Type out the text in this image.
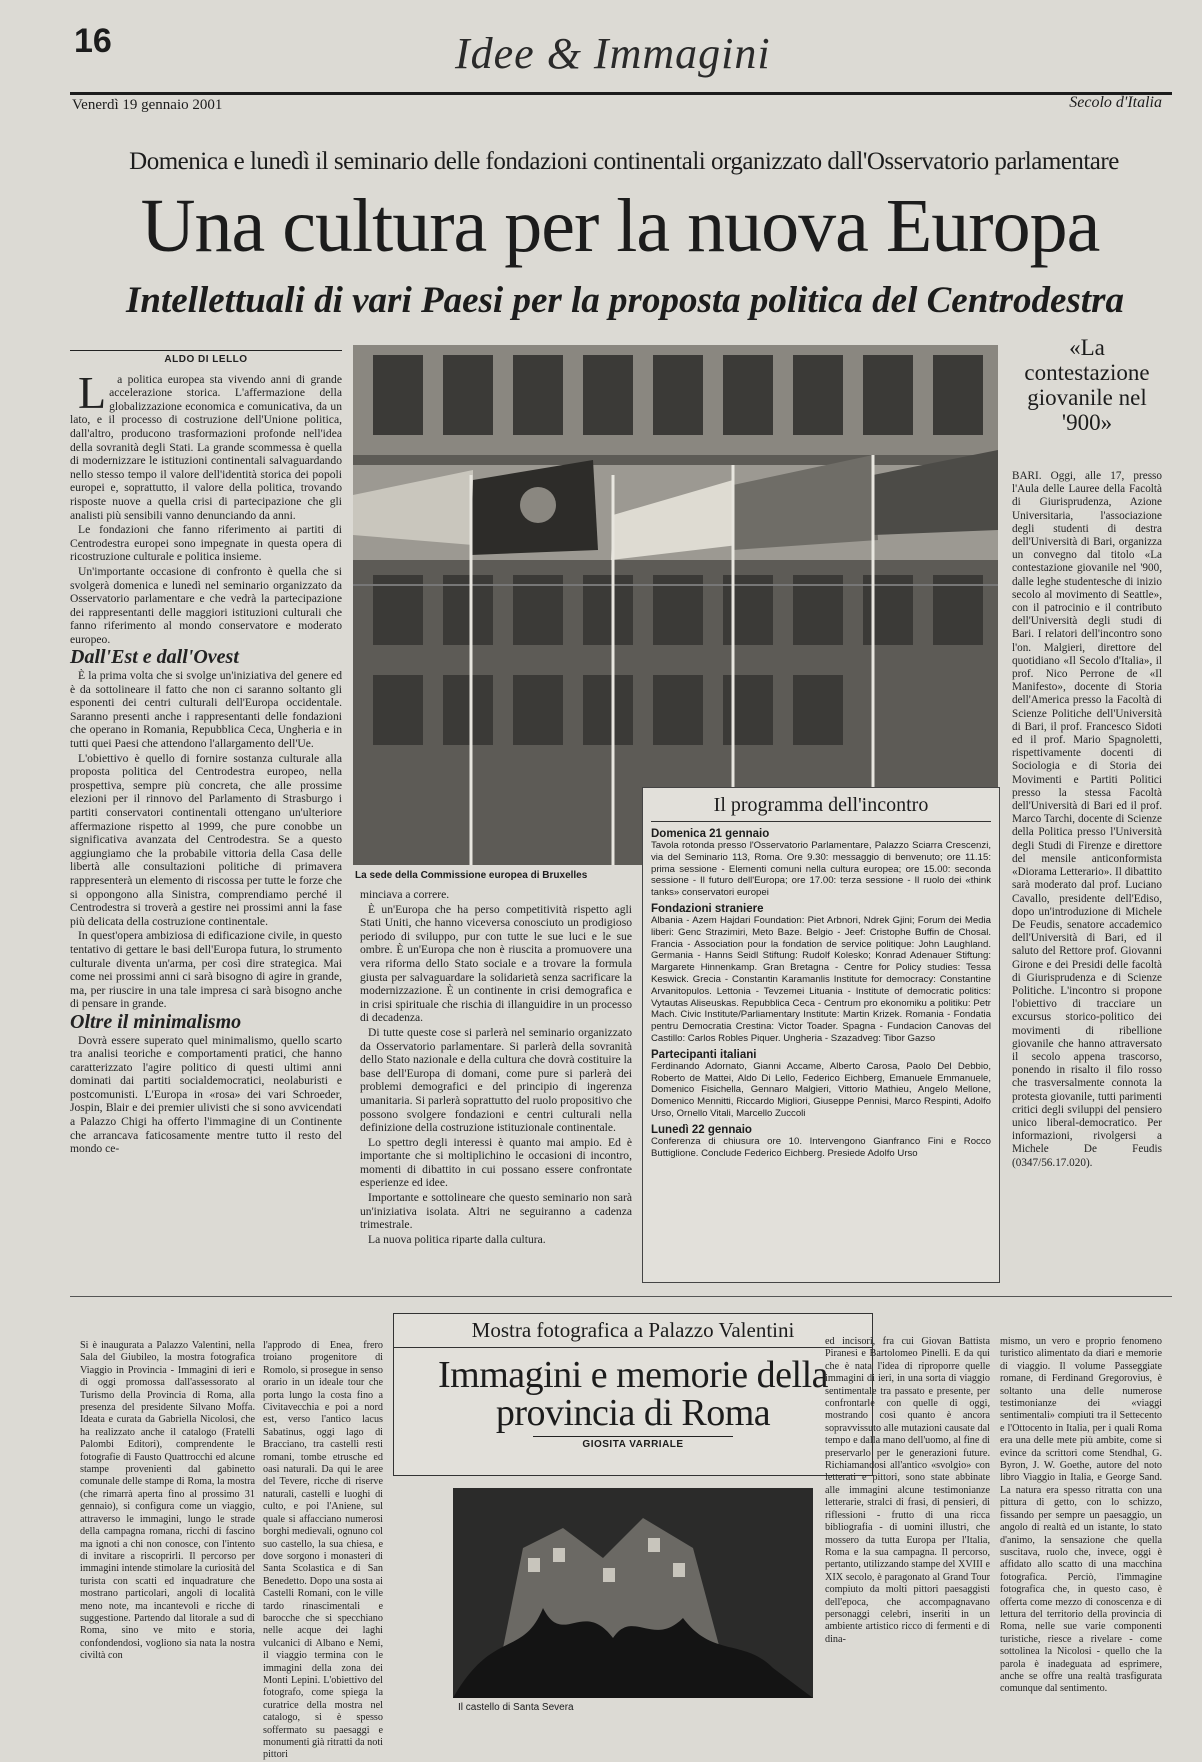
16	Idee & Immagini
Venerdì 19 gennaio 2001	Secolo d'Italia
Domenica e lunedì il seminario delle fondazioni continentali organizzato dall'Osservatorio parlamentare
Una cultura per la nuova Europa
Intellettuali di vari Paesi per la proposta politica del Centrodestra
ALDO DI LELLO

La politica europea sta vivendo anni di grande accelerazione storica. L'affermazione della globalizzazione economica e comunicativa, da un lato, e il processo di costruzione dell'Unione politica, dall'altro, producono trasformazioni profonde nell'idea della sovranità degli Stati. La grande scommessa è quella di modernizzare le istituzioni continentali salvaguardando nello stesso tempo il valore dell'identità storica dei popoli europei e, soprattutto, il valore della politica, trovando risposte nuove a quella crisi di partecipazione che gli analisti più sensibili vanno denunciando da anni.

Le fondazioni che fanno riferimento ai partiti di Centrodestra europei sono impegnate in questa opera di ricostruzione culturale e politica insieme.

Un'importante occasione di confronto è quella che si svolgerà domenica e lunedì nel seminario organizzato da Osservatorio parlamentare e che vedrà la partecipazione dei rappresentanti delle maggiori istituzioni culturali che fanno riferimento al mondo conservatore e moderato europeo.

Dall'Est e dall'Ovest

È la prima volta che si svolge un'iniziativa del genere ed è da sottolineare il fatto che non ci saranno soltanto gli esponenti dei centri culturali dell'Europa occidentale. Saranno presenti anche i rappresentanti delle fondazioni che operano in Romania, Repubblica Ceca, Ungheria e in tutti quei Paesi che attendono l'allargamento dell'Ue.

L'obiettivo è quello di fornire sostanza culturale alla proposta politica del Centrodestra europeo, nella prospettiva, sempre più concreta, che alle prossime elezioni per il rinnovo del Parlamento di Strasburgo i partiti conservatori continentali ottengano un'ulteriore affermazione rispetto al 1999, che pure conobbe un significativa avanzata del Centrodestra. Se a questo aggiungiamo che la probabile vittoria della Casa delle libertà alle consultazioni politiche di primavera rappresenterà un elemento di riscossa per tutte le forze che si oppongono alla Sinistra, comprendiamo perché il Centrodestra si troverà a gestire nei prossimi anni la fase più delicata della costruzione continentale.

In quest'opera ambiziosa di edificazione civile, in questo tentativo di gettare le basi dell'Europa futura, lo strumento culturale diventa un'arma, per così dire strategica. Mai come nei prossimi anni ci sarà bisogno di agire in grande, ma, per riuscire in una tale impresa ci sarà bisogno anche di pensare in grande.

Oltre il minimalismo

Dovrà essere superato quel minimalismo, quello scarto tra analisi teoriche e comportamenti pratici, che hanno caratterizzato l'agire politico di questi ultimi anni dominati dai partiti socialdemocratici, neolaburisti e postcomunisti. L'Europa in «rosa» dei vari Schroeder, Jospin, Blair e dei premier ulivisti che si sono avvicendati a Palazzo Chigi ha offerto l'immagine di un Continente che arrancava faticosamente mentre tutto il resto del mondo ce-

La sede della Commissione europea di Bruxelles

minciava a correre.

È un'Europa che ha perso competitività rispetto agli Stati Uniti, che hanno viceversa conosciuto un prodigioso periodo di sviluppo, pur con tutte le sue luci e le sue ombre. È un'Europa che non è riuscita a promuovere una vera riforma dello Stato sociale e a trovare la formula giusta per salvaguardare la solidarietà senza sacrificare la modernizzazione. È un continente in crisi demografica e in crisi spirituale che rischia di illanguidire in un processo di decadenza.

Di tutte queste cose si parlerà nel seminario organizzato da Osservatorio parlamentare. Si parlerà della sovranità dello Stato nazionale e della cultura che dovrà costituire la base dell'Europa di domani, come pure si parlerà dei problemi demografici e del principio di ingerenza umanitaria. Si parlerà soprattutto del ruolo propositivo che possono svolgere fondazioni e centri culturali nella definizione della costruzione istituzionale continentale.

Lo spettro degli interessi è quanto mai ampio. Ed è importante che si moltiplichino le occasioni di incontro, momenti di dibattito in cui possano essere confrontate esperienze ed idee.

Importante e sottolineare che questo seminario non sarà un'iniziativa isolata. Altri ne seguiranno a cadenza trimestrale.

La nuova politica riparte dalla cultura.

Il programma dell'incontro
Domenica 21 gennaio
Tavola rotonda presso l'Osservatorio Parlamentare, Palazzo Sciarra Crescenzi, via del Seminario 113, Roma. Ore 9.30: messaggio di benvenuto; ore 11.15: prima sessione - Elementi comuni nella cultura europea; ore 15.00: seconda sessione - Il futuro dell'Europa; ore 17.00: terza sessione - Il ruolo dei «think tanks» conservatori europei
Fondazioni straniere
Albania - Azem Hajdari Foundation: Piet Arbnori, Ndrek Gjini; Forum dei Media liberi: Genc Strazimiri, Meto Baze. Belgio - Jeef: Cristophe Buffin de Chosal. Francia - Association pour la fondation de service politique: John Laughland. Germania - Hanns Seidl Stiftung: Rudolf Kolesko; Konrad Adenauer Stiftung: Margarete Hinnenkamp. Gran Bretagna - Centre for Policy studies: Tessa Keswick. Grecia - Constantin Karamanlis Institute for democracy: Constantine Arvanitopulos. Lettonia - Tevzemei Lituania - Institute of democratic politics: Vytautas Aliseuskas. Repubblica Ceca - Centrum pro ekonomiku a politiku: Petr Mach. Civic Institute/Parliamentary Institute: Martin Krizek. Romania - Fondatia pentru Democratia Crestina: Victor Toader. Spagna - Fundacion Canovas del Castillo: Carlos Robles Piquer. Ungheria - Szazadveg: Tibor Gazso
Partecipanti italiani
Ferdinando Adornato, Gianni Accame, Alberto Carosa, Paolo Del Debbio, Roberto de Mattei, Aldo Di Lello, Federico Eichberg, Emanuele Emmanuele, Domenico Fisichella, Gennaro Malgieri, Vittorio Mathieu, Angelo Mellone, Domenico Mennitti, Riccardo Migliori, Giuseppe Pennisi, Marco Respinti, Adolfo Urso, Ornello Vitali, Marcello Zuccoli
Lunedì 22 gennaio
Conferenza di chiusura ore 10. Intervengono Gianfranco Fini e Rocco Buttiglione. Conclude Federico Eichberg. Presiede Adolfo Urso
«La contestazione giovanile nel '900»
BARI. Oggi, alle 17, presso l'Aula delle Lauree della Facoltà di Giurisprudenza, Azione Universitaria, l'associazione degli studenti di destra dell'Università di Bari, organizza un convegno dal titolo «La contestazione giovanile nel '900, dalle leghe studentesche di inizio secolo al movimento di Seattle», con il patrocinio e il contributo dell'Università degli studi di Bari. I relatori dell'incontro sono l'on. Malgieri, direttore del quotidiano «Il Secolo d'Italia», il prof. Nico Perrone de «Il Manifesto», docente di Storia dell'America presso la Facoltà di Scienze Politiche dell'Università di Bari, il prof. Francesco Sidoti ed il prof. Mario Spagnoletti, rispettivamente docenti di Sociologia e di Storia dei Movimenti e Partiti Politici presso la stessa Facoltà dell'Università di Bari ed il prof. Marco Tarchi, docente di Scienze della Politica presso l'Università degli Studi di Firenze e direttore del mensile anticonformista «Diorama Letterario». Il dibattito sarà moderato dal prof. Luciano Cavallo, presidente dell'Ediso, dopo un'introduzione di Michele De Feudis, senatore accademico dell'Università di Bari, ed il saluto del Rettore prof. Giovanni Girone e dei Presidi delle facoltà di Giurisprudenza e di Scienze Politiche. L'incontro si propone l'obiettivo di tracciare un excursus storico-politico dei movimenti di ribellione giovanile che hanno attraversato il secolo appena trascorso, ponendo in risalto il filo rosso che trasversalmente connota la protesta giovanile, tutti parimenti critici degli sviluppi del pensiero unico liberal-democratico. Per informazioni, rivolgersi a Michele De Feudis (0347/56.17.020).
Si è inaugurata a Palazzo Valentini, nella Sala del Giubileo, la mostra fotografica Viaggio in Provincia - Immagini di ieri e di oggi promossa dall'assessorato al Turismo della Provincia di Roma, alla presenza del presidente Silvano Moffa. Ideata e curata da Gabriella Nicolosi, che ha realizzato anche il catalogo (Fratelli Palombi Editori), comprendente le fotografie di Fausto Quattrocchi ed alcune stampe provenienti dal gabinetto comunale delle stampe di Roma, la mostra (che rimarrà aperta fino al prossimo 31 gennaio), si configura come un viaggio, attraverso le immagini, lungo le strade della campagna romana, ricchi di fascino ma ignoti a chi non conosce, con l'intento di invitare a riscoprirli. Il percorso per immagini intende stimolare la curiosità del turista con scatti ed inquadrature che mostrano particolari, angoli di località meno note, ma incantevoli e ricche di suggestione. Partendo dal litorale a sud di Roma, sino ve mito e storia, confondendosi, vogliono sia nata la nostra civiltà con
l'approdo di Enea, frero troiano progenitore di Romolo, si prosegue in senso orario in un ideale tour che porta lungo la costa fino a Civitavecchia e poi a nord est, verso l'antico lacus Sabatinus, oggi lago di Bracciano, tra castelli resti romani, tombe etrusche ed oasi naturali. Da qui le aree del Tevere, ricche di riserve naturali, castelli e luoghi di culto, e poi l'Aniene, sul quale si affacciano numerosi borghi medievali, ognuno col suo castello, la sua chiesa, e dove sorgono i monasteri di Santa Scolastica e di San Benedetto. Dopo una sosta ai Castelli Romani, con le ville tardo rinascimentali e barocche che si specchiano nelle acque dei laghi vulcanici di Albano e Nemi, il viaggio termina con le immagini della zona dei Monti Lepini. L'obiettivo del fotografo, come spiega la curatrice della mostra nel catalogo, si è spesso soffermato su paesaggi e monumenti già ritratti da noti pittori
Mostra fotografica a Palazzo Valentini
Immagini e memorie della provincia di Roma
GIOSITA VARRIALE
Il castello di Santa Severa
ed incisori, fra cui Giovan Battista Piranesi e Bartolomeo Pinelli. E da qui che è nata l'idea di riproporre quelle immagini di ieri, in una sorta di viaggio sentimentale tra passato e presente, per confrontarle con quelle di oggi, mostrando così quanto è ancora sopravvissuto alle mutazioni causate dal tempo e dalla mano dell'uomo, al fine di preservarlo per le generazioni future. Richiamandosi all'antico «svolgio» con letterati e pittori, sono state abbinate alle immagini alcune testimonianze letterarie, stralci di frasi, di pensieri, di riflessioni - frutto di una ricca bibliografia - di uomini illustri, che mossero da tutta Europa per l'Italia, Roma e la sua campagna. Il percorso, pertanto, utilizzando stampe del XVIII e XIX secolo, è paragonato al Grand Tour compiuto da molti pittori paesaggisti dell'epoca, che accompagnavano personaggi celebri, inseriti in un ambiente artistico ricco di fermenti e di dina-
mismo, un vero e proprio fenomeno turistico alimentato da diari e memorie di viaggio. Il volume Passeggiate romane, di Ferdinand Gregorovius, è soltanto una delle numerose testimonianze dei «viaggi sentimentali» compiuti tra il Settecento e l'Ottocento in Italia, per i quali Roma era una delle mete più ambite, come si evince da scrittori come Stendhal, G. Byron, J. W. Goethe, autore del noto libro Viaggio in Italia, e George Sand. La natura era spesso ritratta con una pittura di getto, con lo schizzo, fissando per sempre un paesaggio, un angolo di realtà ed un istante, lo stato d'animo, la sensazione che quella suscitava, ruolo che, invece, oggi è affidato allo scatto di una macchina fotografica. Perciò, l'immagine fotografica che, in questo caso, è offerta come mezzo di conoscenza e di lettura del territorio della provincia di Roma, nelle sue varie componenti turistiche, riesce a rivelare - come sottolinea la Nicolosi - quello che la parola è inadeguata ad esprimere, anche se offre una realtà trasfigurata comunque dal sentimento.
